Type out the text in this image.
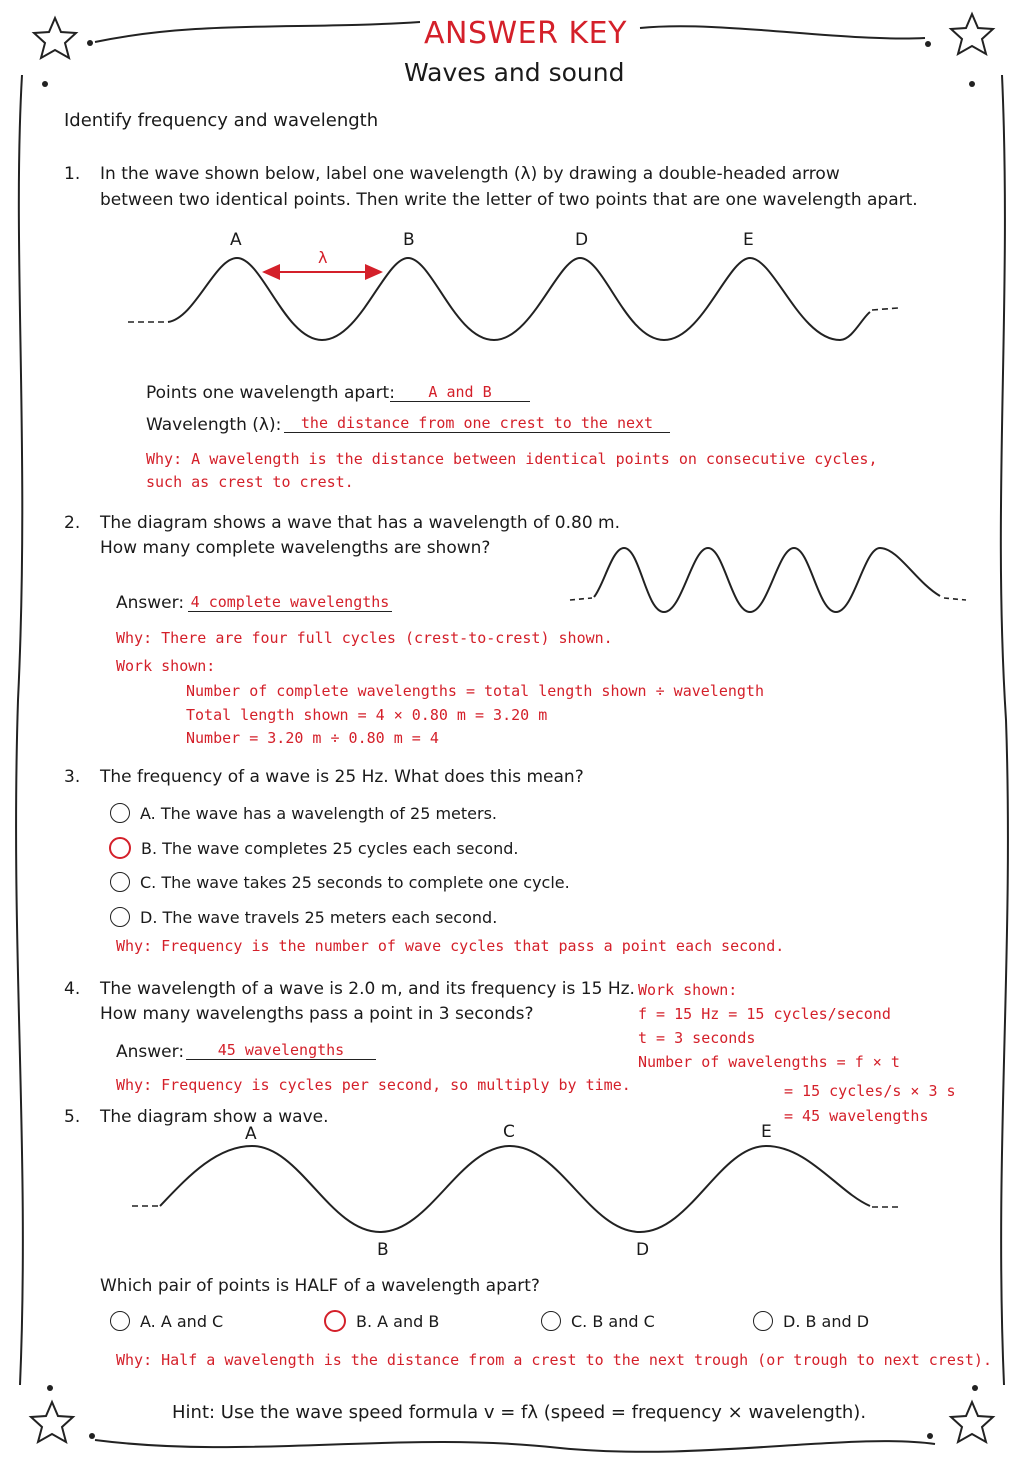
ANSWER KEY
Waves and sound
Identify frequency and wavelength
1. In the wave shown below, label one wavelength (λ) by drawing a double-headed arrow
between two identical points. Then write the letter of two points that are one wavelength apart.
A	B	D	E
λ
Points one wavelength apart:	A and B
Wavelength (λ):	the distance from one crest to the next
Why: A wavelength is the distance between identical points on consecutive cycles,
such as crest to crest.
2. The diagram shows a wave that has a wavelength of 0.80 m.
How many complete wavelengths are shown?
Answer: 4 complete wavelengths
Why: There are four full cycles (crest-to-crest) shown.
Work shown:
Number of complete wavelengths = total length shown ÷ wavelength
Total length shown = 4 × 0.80 m = 3.20 m
Number = 3.20 m ÷ 0.80 m = 4
3. The frequency of a wave is 25 Hz. What does this mean?
A. The wave has a wavelength of 25 meters.
B. The wave completes 25 cycles each second.
C. The wave takes 25 seconds to complete one cycle.
D. The wave travels 25 meters each second.
Why: Frequency is the number of wave cycles that pass a point each second.
4. The wavelength of a wave is 2.0 m, and its frequency is 15 Hz.
How many wavelengths pass a point in 3 seconds?
Answer:	45 wavelengths
Why: Frequency is cycles per second, so multiply by time.
Work shown:
f = 15 Hz = 15 cycles/second
t = 3 seconds
Number of wavelengths = f × t
= 15 cycles/s × 3 s
= 45 wavelengths
5. The diagram show a wave.
A	C	E
B	D
Which pair of points is HALF of a wavelength apart?
A. A and C	B. A and B	C. B and C	D. B and D
Why: Half a wavelength is the distance from a crest to the next trough (or trough to next crest).
Hint: Use the wave speed formula v = fλ (speed = frequency × wavelength).
